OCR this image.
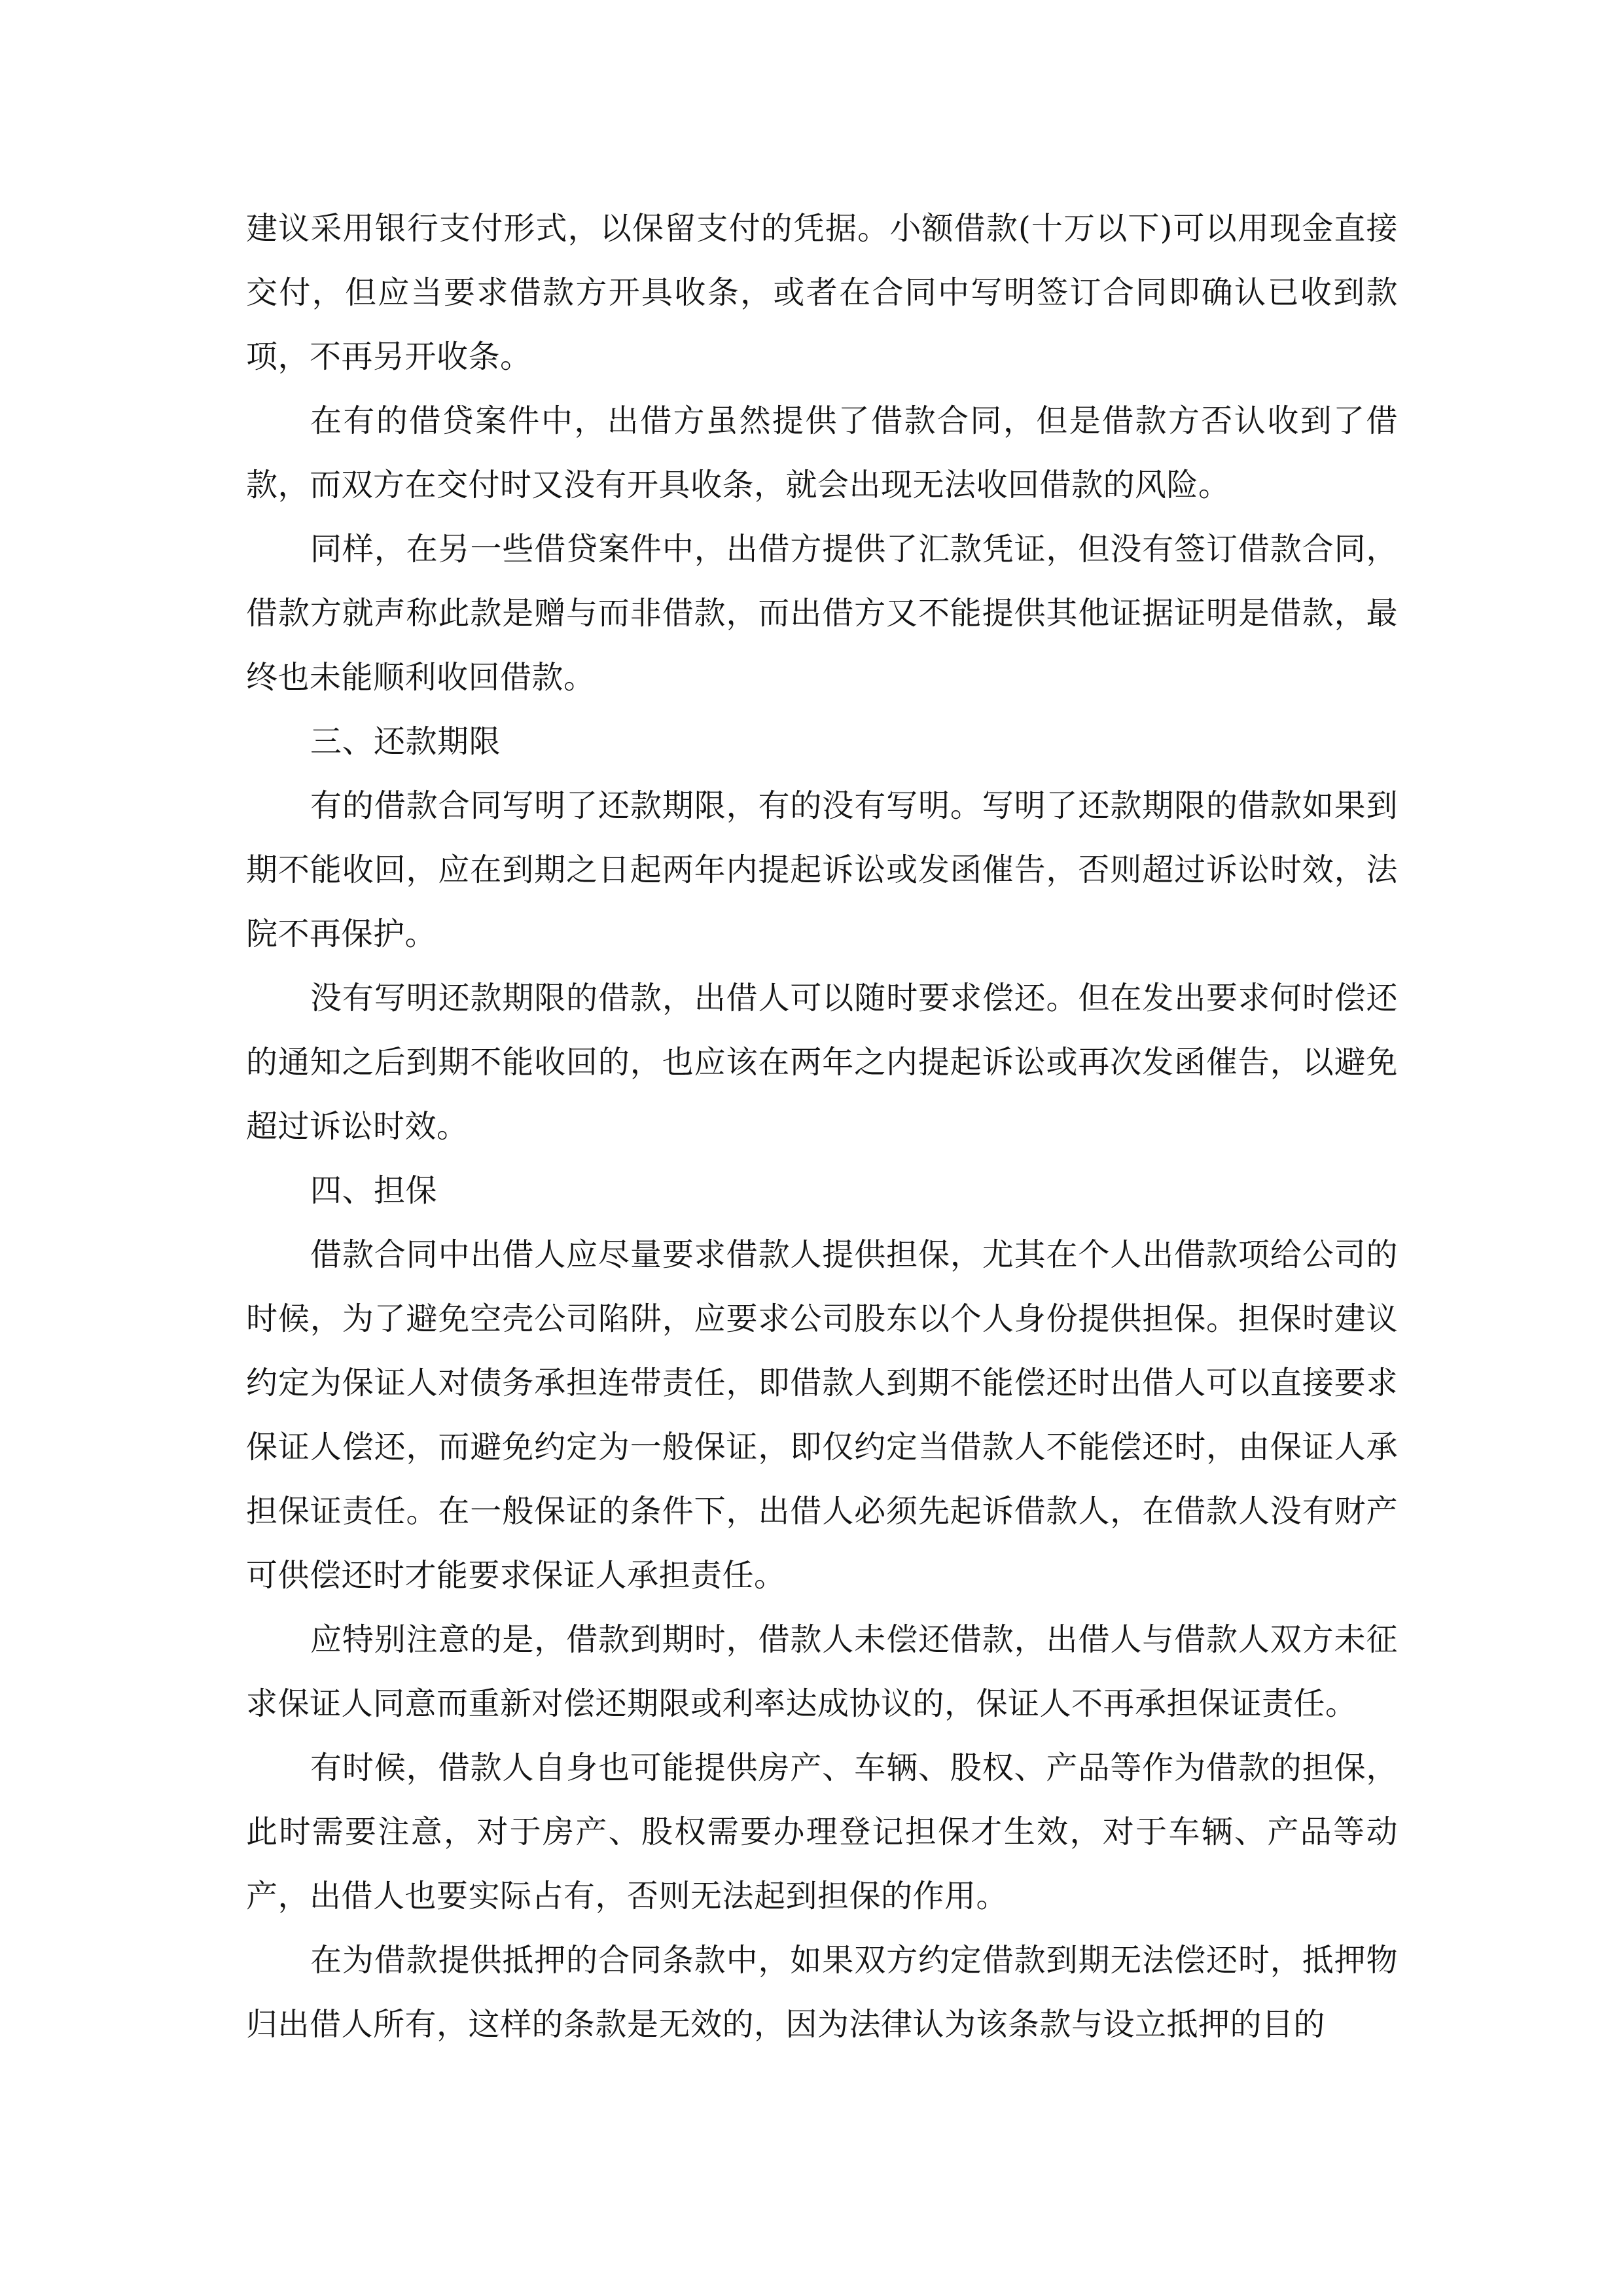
建议采用银行支付形式，以保留支付的凭据。小额借款(十万以下)可以用现金直接交付，但应当要求借款方开具收条，或者在合同中写明签订合同即确认已收到款项，不再另开收条。

在有的借贷案件中，出借方虽然提供了借款合同，但是借款方否认收到了借款，而双方在交付时又没有开具收条，就会出现无法收回借款的风险。

同样，在另一些借贷案件中，出借方提供了汇款凭证，但没有签订借款合同，借款方就声称此款是赠与而非借款，而出借方又不能提供其他证据证明是借款，最终也未能顺利收回借款。

三、还款期限

有的借款合同写明了还款期限，有的没有写明。写明了还款期限的借款如果到期不能收回，应在到期之日起两年内提起诉讼或发函催告，否则超过诉讼时效，法院不再保护。

没有写明还款期限的借款，出借人可以随时要求偿还。但在发出要求何时偿还的通知之后到期不能收回的，也应该在两年之内提起诉讼或再次发函催告，以避免超过诉讼时效。

四、担保

借款合同中出借人应尽量要求借款人提供担保，尤其在个人出借款项给公司的时候，为了避免空壳公司陷阱，应要求公司股东以个人身份提供担保。担保时建议约定为保证人对债务承担连带责任，即借款人到期不能偿还时出借人可以直接要求保证人偿还，而避免约定为一般保证，即仅约定当借款人不能偿还时，由保证人承担保证责任。在一般保证的条件下，出借人必须先起诉借款人，在借款人没有财产可供偿还时才能要求保证人承担责任。

应特别注意的是，借款到期时，借款人未偿还借款，出借人与借款人双方未征求保证人同意而重新对偿还期限或利率达成协议的，保证人不再承担保证责任。

有时候，借款人自身也可能提供房产、车辆、股权、产品等作为借款的担保，此时需要注意，对于房产、股权需要办理登记担保才生效，对于车辆、产品等动产，出借人也要实际占有，否则无法起到担保的作用。

在为借款提供抵押的合同条款中，如果双方约定借款到期无法偿还时，抵押物归出借人所有，这样的条款是无效的，因为法律认为该条款与设立抵押的目的
